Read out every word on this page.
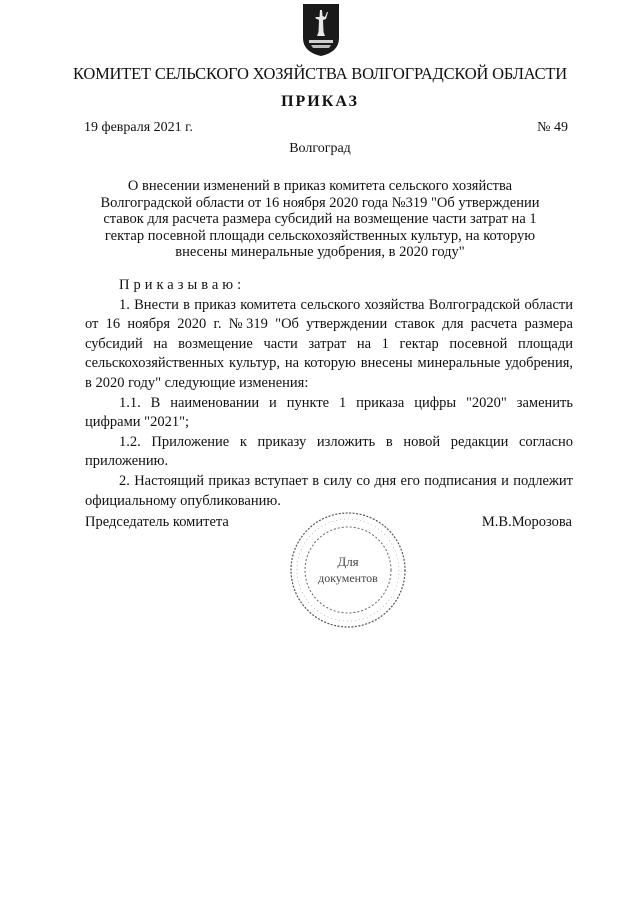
КОМИТЕТ СЕЛЬСКОГО ХОЗЯЙСТВА ВОЛГОГРАДСКОЙ ОБЛАСТИ
ПРИКАЗ
19 февраля 2021 г.	№ 49
Волгоград
О внесении изменений в приказ комитета сельского хозяйства
Волгоградской области от 16 ноября 2020 года №319 "Об утверждении
ставок для расчета размера субсидий на возмещение части затрат на 1
гектар посевной площади сельскохозяйственных культур, на которую
внесены минеральные удобрения, в 2020 году"

Приказываю:

1. Внести в приказ комитета сельского хозяйства Волгоградской области от 16 ноября 2020 г. №319 "Об утверждении ставок для расчета размера субсидий на возмещение части затрат на 1 гектар посевной площади сельскохозяйственных культур, на которую внесены минеральные удобрения, в 2020 году" следующие изменения:

1.1. В наименовании и пункте 1 приказа цифры "2020" заменить цифрами "2021";

1.2. Приложение к приказу изложить в новой редакции согласно приложению.

2. Настоящий приказ вступает в силу со дня его подписания и подлежит официальному опубликованию.

Председатель комитета	М.В.Морозова
Для
документов
